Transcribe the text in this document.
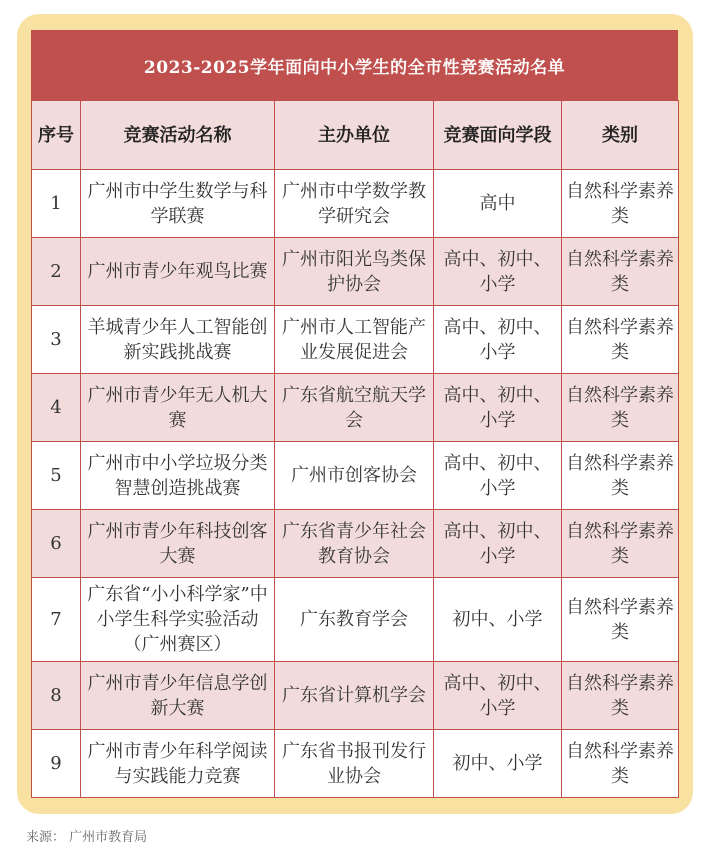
2023-2025学年面向中小学生的全市性竞赛活动名单
序号	竞赛活动名称	主办单位	竞赛面向学段	类别
1	广州市中学生数学与科学联赛	广州市中学数学教学研究会	高中	自然科学素养类
2	广州市青少年观鸟比赛	广州市阳光鸟类保护协会	高中、初中、小学	自然科学素养类
3	羊城青少年人工智能创新实践挑战赛	广州市人工智能产业发展促进会	高中、初中、小学	自然科学素养类
4	广州市青少年无人机大赛	广东省航空航天学会	高中、初中、小学	自然科学素养类
5	广州市中小学垃圾分类智慧创造挑战赛	广州市创客协会	高中、初中、小学	自然科学素养类
6	广州市青少年科技创客大赛	广东省青少年社会教育协会	高中、初中、小学	自然科学素养类
7	广东省“小小科学家”中小学生科学实验活动（广州赛区）	广东教育学会	初中、小学	自然科学素养类
8	广州市青少年信息学创新大赛	广东省计算机学会	高中、初中、小学	自然科学素养类
9	广州市青少年科学阅读与实践能力竞赛	广东省书报刊发行业协会	初中、小学	自然科学素养类
来源： 广州市教育局
